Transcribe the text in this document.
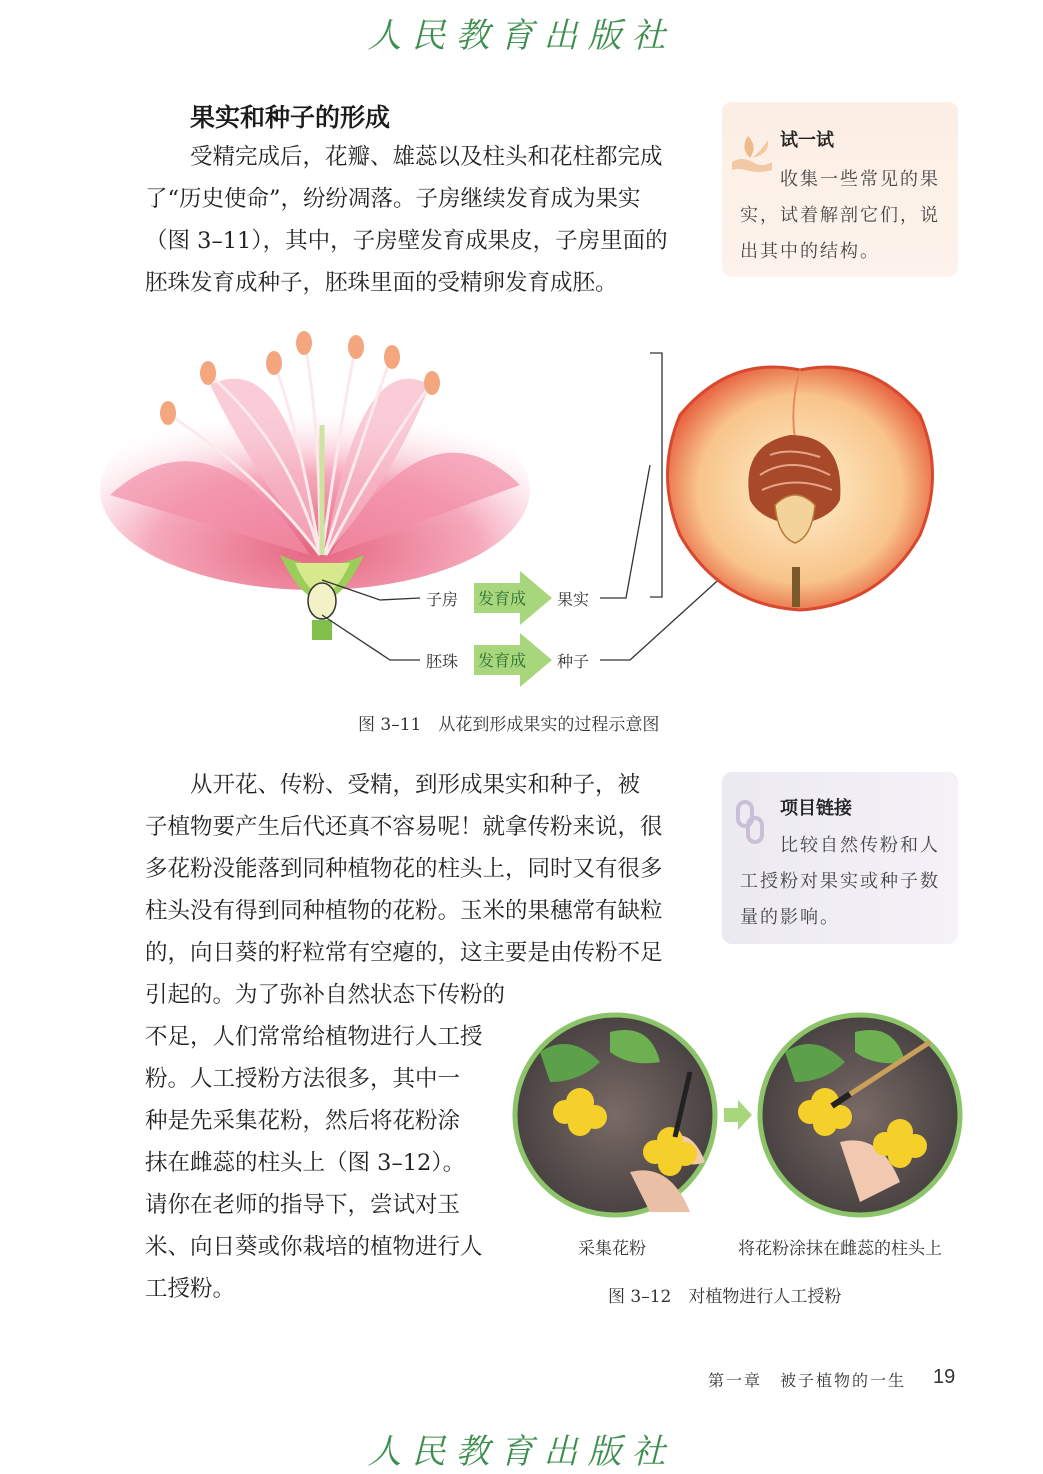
人民教育出版社
果实和种子的形成
受精完成后，花瓣、雄蕊以及柱头和花柱都完成
了“历史使命”，纷纷凋落。子房继续发育成为果实
（图 3–11），其中，子房壁发育成果皮，子房里面的
胚珠发育成种子，胚珠里面的受精卵发育成胚。
试一试
收集一些常见的果
实，试着解剖它们，说
出其中的结构。
子房
胚珠
发育成
发育成
果实
种子
图 3–11　从花到形成果实的过程示意图
从开花、传粉、受精，到形成果实和种子，被
子植物要产生后代还真不容易呢！就拿传粉来说，很
多花粉没能落到同种植物花的柱头上，同时又有很多
柱头没有得到同种植物的花粉。玉米的果穗常有缺粒
的，向日葵的籽粒常有空瘪的，这主要是由传粉不足
引起的。为了弥补自然状态下传粉的
不足，人们常常给植物进行人工授
粉。人工授粉方法很多，其中一
种是先采集花粉，然后将花粉涂
抹在雌蕊的柱头上（图 3–12）。
请你在老师的指导下，尝试对玉
米、向日葵或你栽培的植物进行人
工授粉。
项目链接
比较自然传粉和人
工授粉对果实或种子数
量的影响。
采集花粉	将花粉涂抹在雌蕊的柱头上
图 3–12　对植物进行人工授粉
第一章　被子植物的一生 19
人民教育出版社
